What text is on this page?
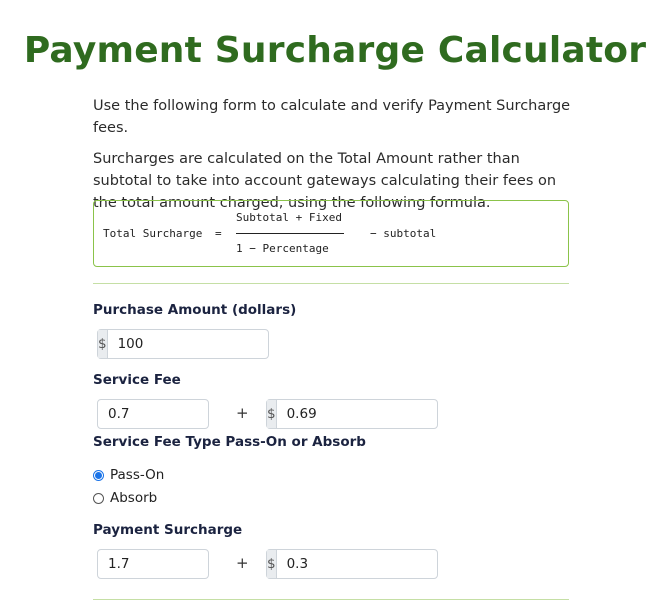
Payment Surcharge Calculator

Use the following form to calculate and verify Payment Surcharge fees.

Surcharges are calculated on the Total Amount rather than subtotal to take into account gateways calculating their fees on the total amount charged, using the following formula.

Total Surcharge =
Subtotal + Fixed
1 − Percentage
− subtotal
Purchase Amount (dollars)
$
100
Service Fee
0.7
+ $
0.69
Service Fee Type Pass-On or Absorb
Pass-On
Absorb
Payment Surcharge
1.7
+ $
0.3
